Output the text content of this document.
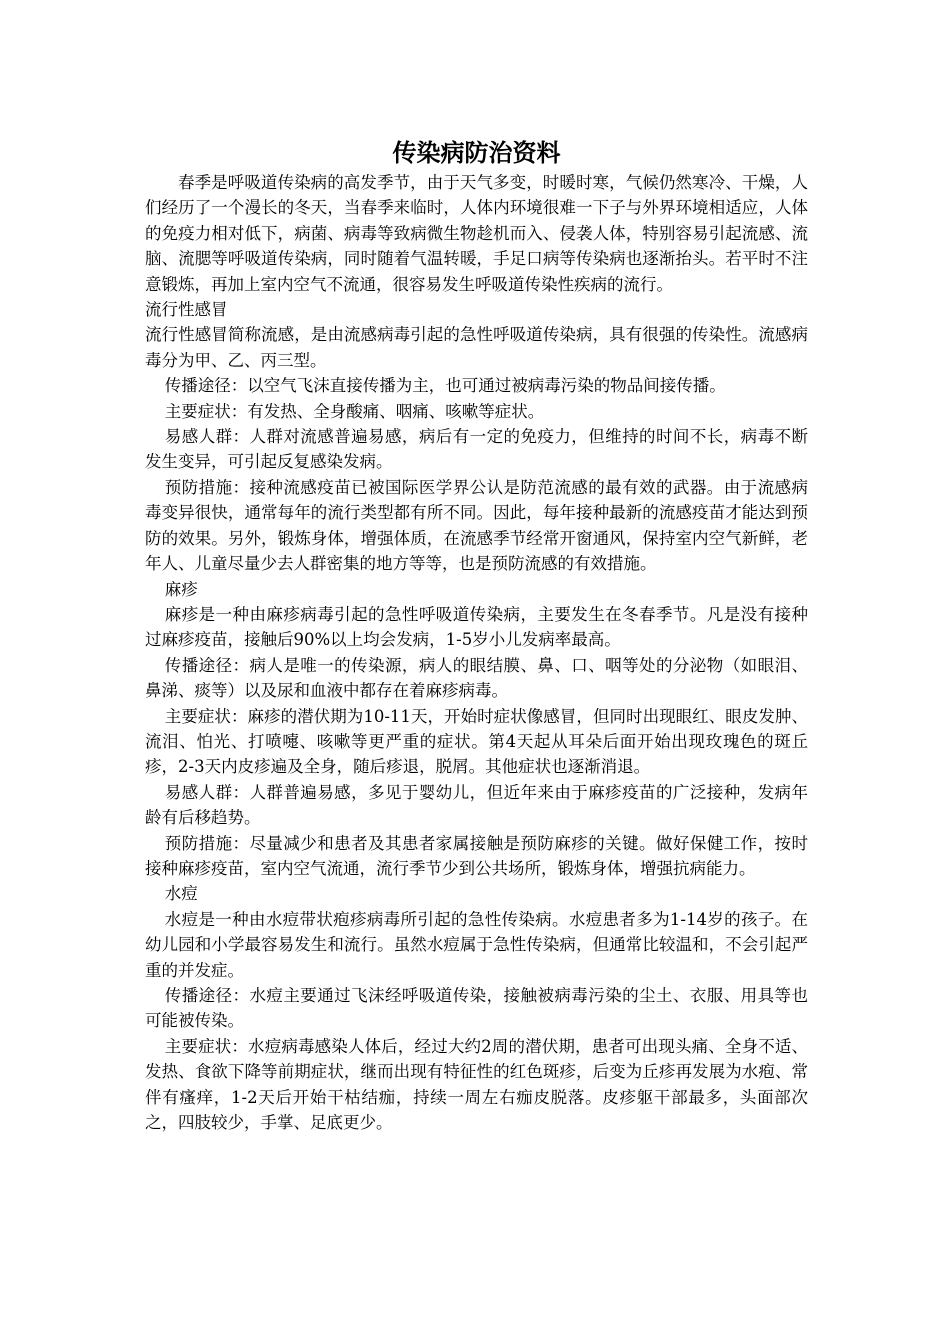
传染病防治资料

春季是呼吸道传染病的高发季节，由于天气多变，时暖时寒，气候仍然寒冷、干燥，人们经历了一个漫长的冬天，当春季来临时，人体内环境很难一下子与外界环境相适应，人体的免疫力相对低下，病菌、病毒等致病微生物趁机而入、侵袭人体，特别容易引起流感、流脑、流腮等呼吸道传染病，同时随着气温转暖，手足口病等传染病也逐渐抬头。若平时不注意锻炼，再加上室内空气不流通，很容易发生呼吸道传染性疾病的流行。

流行性感冒

流行性感冒简称流感，是由流感病毒引起的急性呼吸道传染病，具有很强的传染性。流感病毒分为甲、乙、丙三型。

传播途径：以空气飞沫直接传播为主，也可通过被病毒污染的物品间接传播。

主要症状：有发热、全身酸痛、咽痛、咳嗽等症状。

易感人群：人群对流感普遍易感，病后有一定的免疫力，但维持的时间不长，病毒不断发生变异，可引起反复感染发病。

预防措施：接种流感疫苗已被国际医学界公认是防范流感的最有效的武器。由于流感病毒变异很快，通常每年的流行类型都有所不同。因此，每年接种最新的流感疫苗才能达到预防的效果。另外，锻炼身体，增强体质，在流感季节经常开窗通风，保持室内空气新鲜，老年人、儿童尽量少去人群密集的地方等等，也是预防流感的有效措施。

麻疹

麻疹是一种由麻疹病毒引起的急性呼吸道传染病，主要发生在冬春季节。凡是没有接种过麻疹疫苗，接触后90%以上均会发病，1-5岁小儿发病率最高。

传播途径：病人是唯一的传染源，病人的眼结膜、鼻、口、咽等处的分泌物（如眼泪、鼻涕、痰等）以及尿和血液中都存在着麻疹病毒。

主要症状：麻疹的潜伏期为10-11天，开始时症状像感冒，但同时出现眼红、眼皮发肿、流泪、怕光、打喷嚏、咳嗽等更严重的症状。第4天起从耳朵后面开始出现玫瑰色的斑丘疹，2-3天内皮疹遍及全身，随后疹退，脱屑。其他症状也逐渐消退。

易感人群：人群普遍易感，多见于婴幼儿，但近年来由于麻疹疫苗的广泛接种，发病年龄有后移趋势。

预防措施：尽量减少和患者及其患者家属接触是预防麻疹的关键。做好保健工作，按时接种麻疹疫苗，室内空气流通，流行季节少到公共场所，锻炼身体，增强抗病能力。

水痘

水痘是一种由水痘带状疱疹病毒所引起的急性传染病。水痘患者多为1-14岁的孩子。在幼儿园和小学最容易发生和流行。虽然水痘属于急性传染病，但通常比较温和，不会引起严重的并发症。

传播途径：水痘主要通过飞沫经呼吸道传染，接触被病毒污染的尘土、衣服、用具等也可能被传染。

主要症状：水痘病毒感染人体后，经过大约2周的潜伏期，患者可出现头痛、全身不适、发热、食欲下降等前期症状，继而出现有特征性的红色斑疹，后变为丘疹再发展为水疱、常伴有瘙痒，1-2天后开始干枯结痂，持续一周左右痂皮脱落。皮疹躯干部最多，头面部次之，四肢较少，手掌、足底更少。
